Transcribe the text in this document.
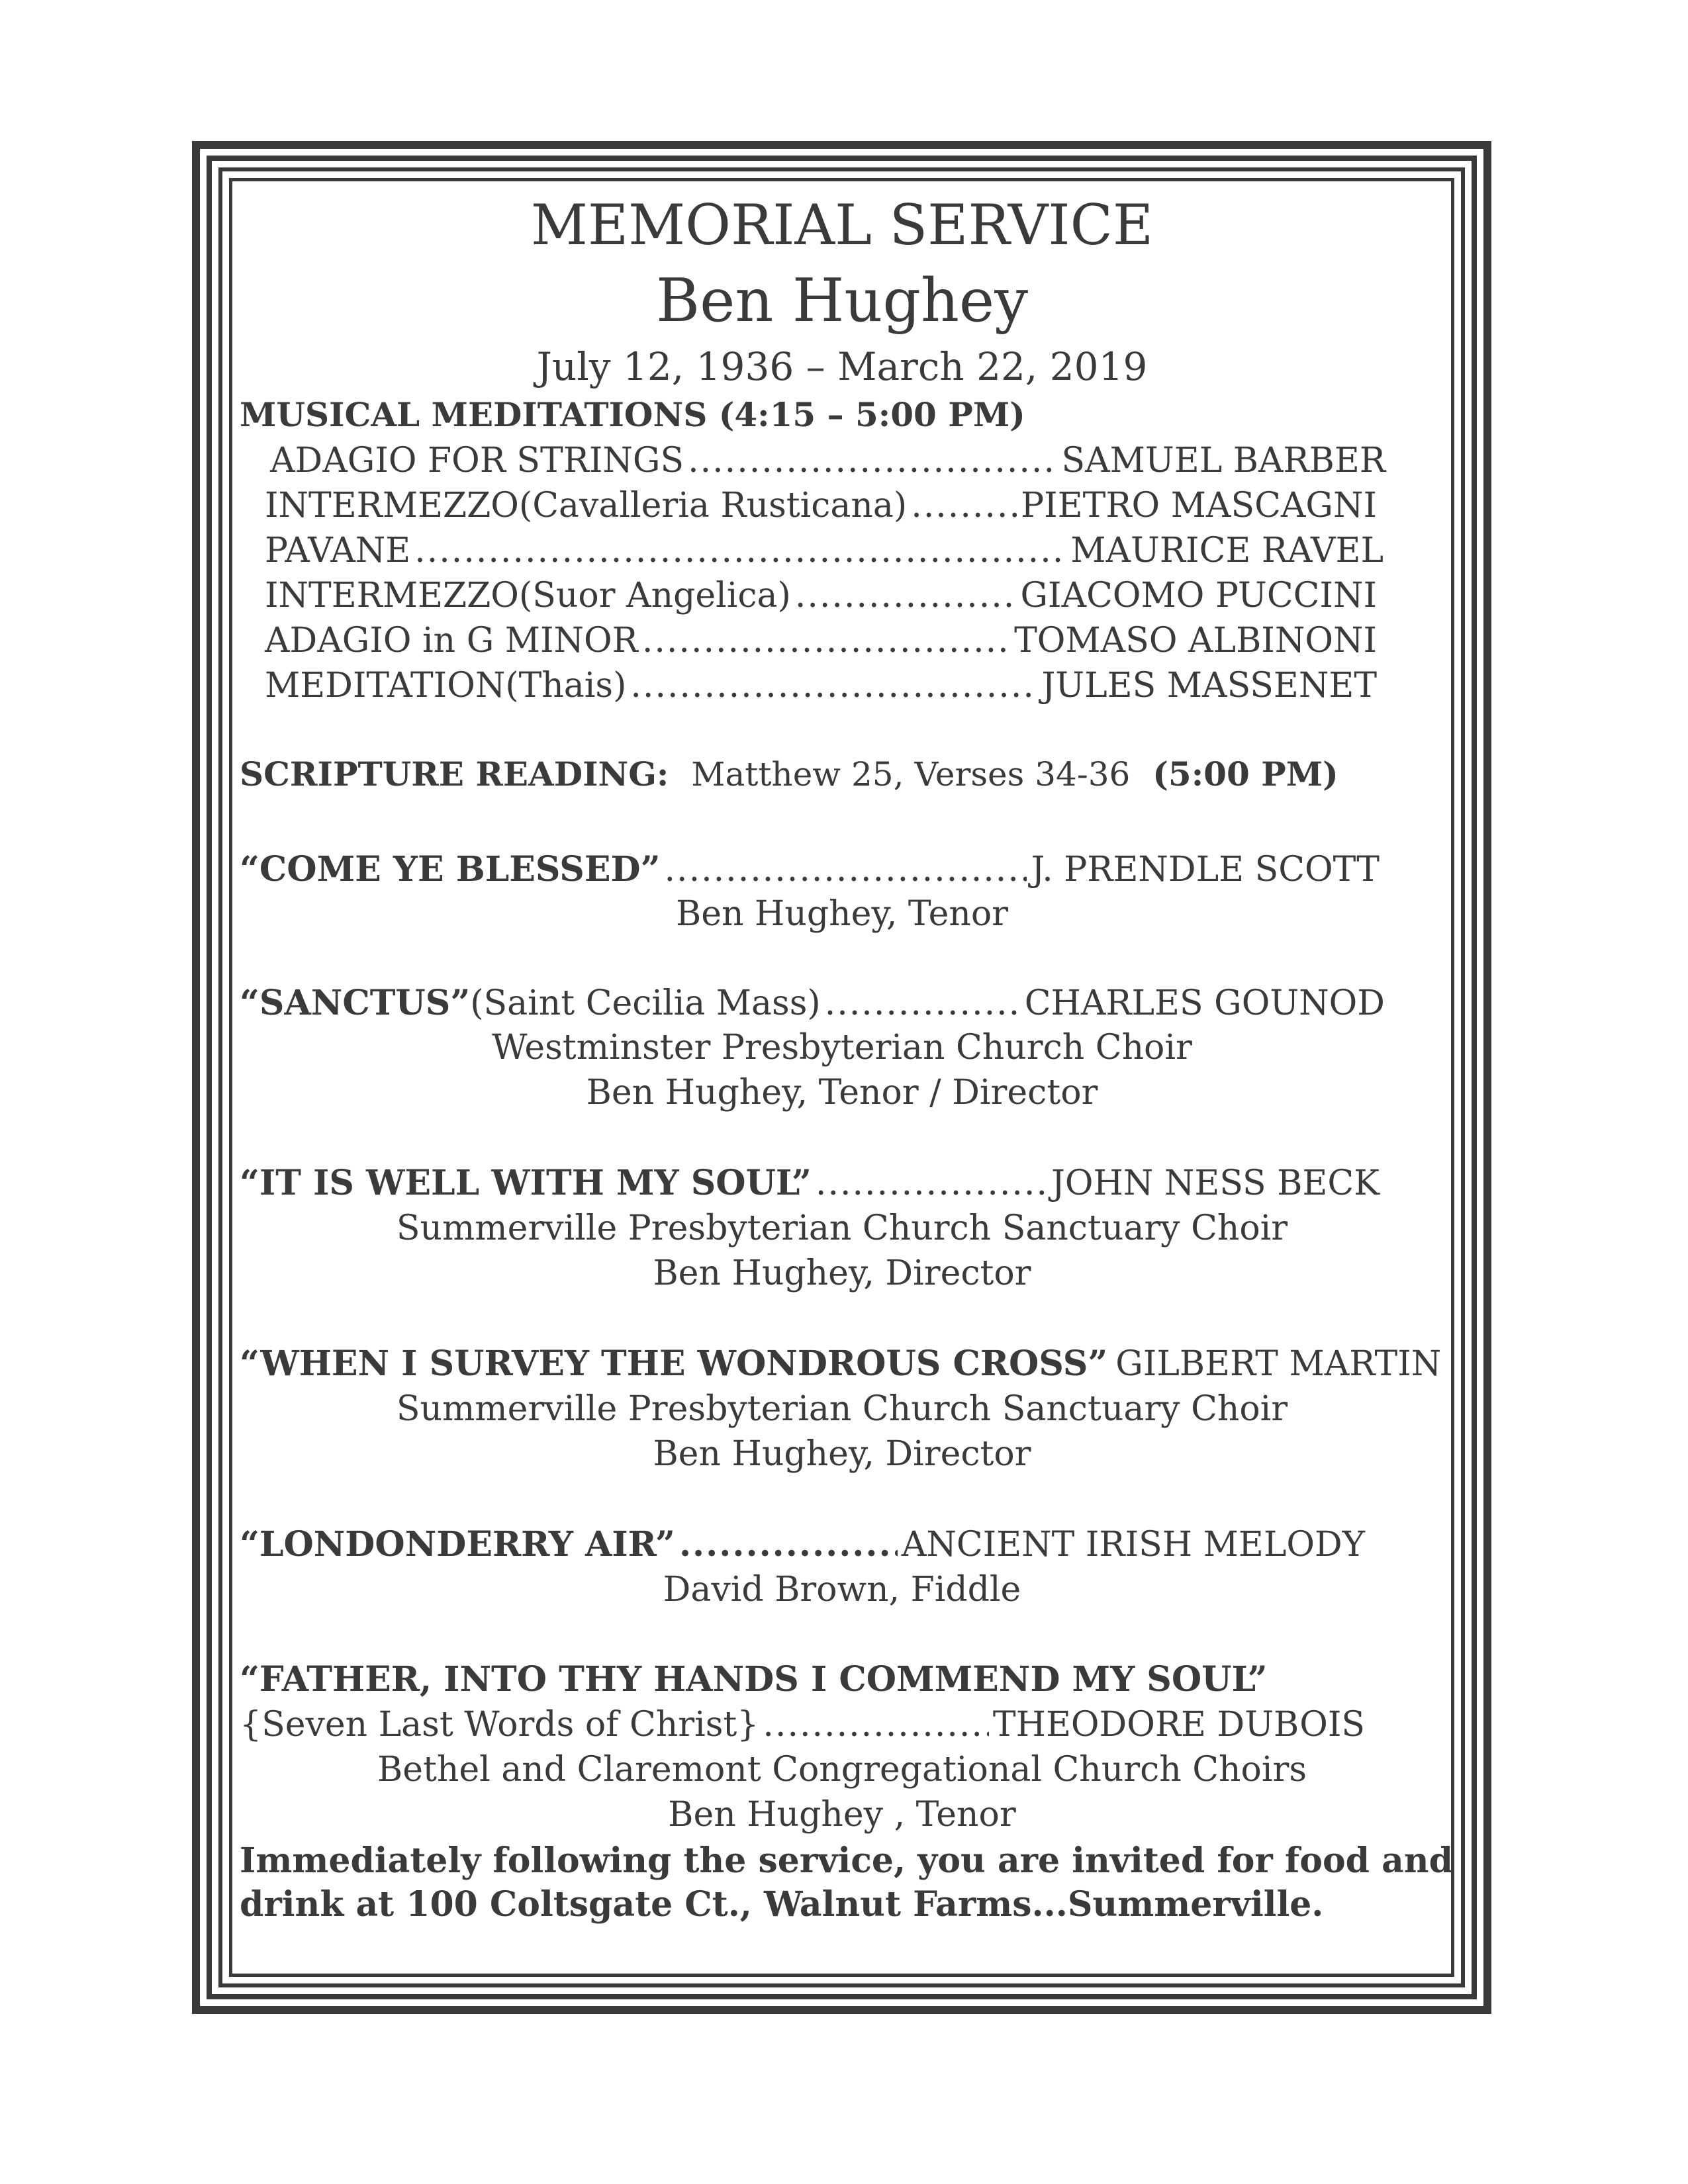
MEMORIAL SERVICE
Ben Hughey
July 12, 1936 – March 22, 2019
MUSICAL MEDITATIONS (4:15 – 5:00 PM)
ADAGIO FOR STRINGS .....	SAMUEL BARBER
INTERMEZZO(Cavalleria Rusticana) .....	PIETRO MASCAGNI
PAVANE .....	MAURICE RAVEL
INTERMEZZO(Suor Angelica) .....	GIACOMO PUCCINI
ADAGIO in G MINOR .....	TOMASO ALBINONI
MEDITATION(Thais) .....	JULES MASSENET
SCRIPTURE READING: Matthew 25, Verses 34-36 (5:00 PM)
“COME YE BLESSED” .....	J. PRENDLE SCOTT
Ben Hughey, Tenor
“SANCTUS”(Saint Cecilia Mass) .....	CHARLES GOUNOD
Westminster Presbyterian Church Choir
Ben Hughey, Tenor / Director
“IT IS WELL WITH MY SOUL” .....	JOHN NESS BECK
Summerville Presbyterian Church Sanctuary Choir
Ben Hughey, Director
“WHEN I SURVEY THE WONDROUS CROSS” GILBERT MARTIN
Summerville Presbyterian Church Sanctuary Choir
Ben Hughey, Director
“LONDONDERRY AIR” .....	ANCIENT IRISH MELODY
David Brown, Fiddle
“FATHER, INTO THY HANDS I COMMEND MY SOUL”
{Seven Last Words of Christ} .....	THEODORE DUBOIS
Bethel and Claremont Congregational Church Choirs
Ben Hughey , Tenor
Immediately following the service, you are invited for food and
drink at 100 Coltsgate Ct., Walnut Farms...Summerville.
